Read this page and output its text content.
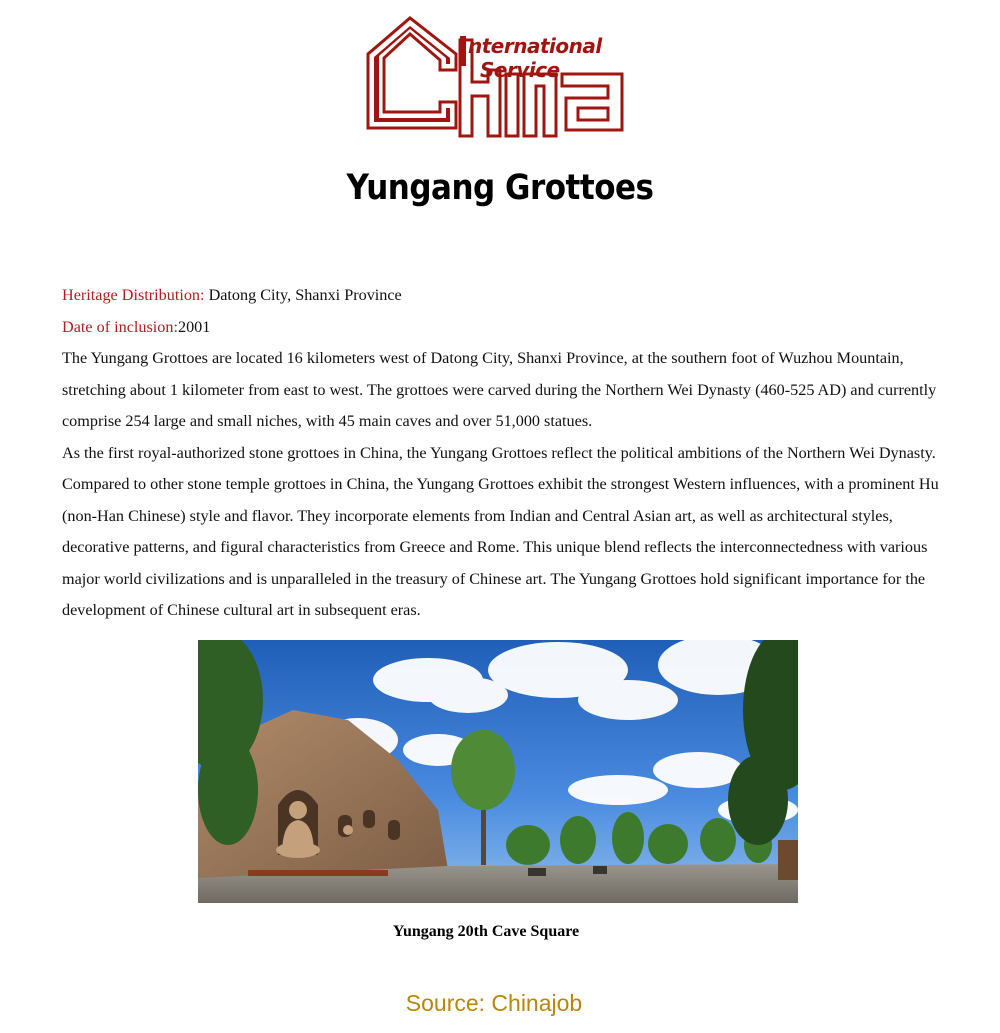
nternational
Service
Yungang Grottoes

Heritage Distribution: Datong City, Shanxi Province

Date of inclusion:2001

The Yungang Grottoes are located 16 kilometers west of Datong City, Shanxi Province, at the southern foot of Wuzhou Mountain, stretching about 1 kilometer from east to west. The grottoes were carved during the Northern Wei Dynasty (460-525 AD) and currently comprise 254 large and small niches, with 45 main caves and over 51,000 statues.

As the first royal-authorized stone grottoes in China, the Yungang Grottoes reflect the political ambitions of the Northern Wei Dynasty. Compared to other stone temple grottoes in China, the Yungang Grottoes exhibit the strongest Western influences, with a prominent Hu (non-Han Chinese) style and flavor. They incorporate elements from Indian and Central Asian art, as well as architectural styles, decorative patterns, and figural characteristics from Greece and Rome. This unique blend reflects the interconnectedness with various major world civilizations and is unparalleled in the treasury of Chinese art. The Yungang Grottoes hold significant importance for the development of Chinese cultural art in subsequent eras.

Yungang 20th Cave Square
Source: Chinajob
